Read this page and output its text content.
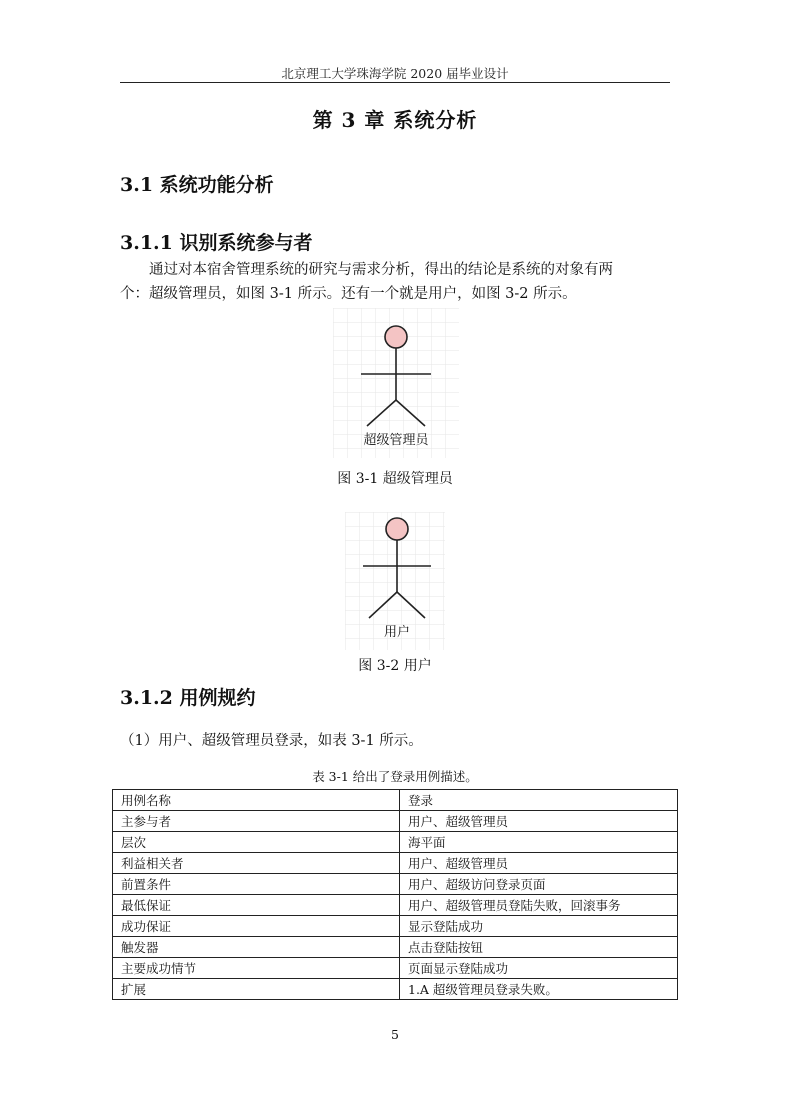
北京理工大学珠海学院 2020 届毕业设计
第 3 章 系统分析
3.1 系统功能分析
3.1.1 识别系统参与者
通过对本宿舍管理系统的研究与需求分析，得出的结论是系统的对象有两
个：超级管理员，如图 3-1 所示。还有一个就是用户，如图 3-2 所示。
超级管理员
图 3-1 超级管理员
用户
图 3-2 用户
3.1.2 用例规约
（1）用户、超级管理员登录，如表 3-1 所示。
表 3-1 给出了登录用例描述。
用例名称	登录
主参与者	用户、超级管理员
层次	海平面
利益相关者	用户、超级管理员
前置条件	用户、超级访问登录页面
最低保证	用户、超级管理员登陆失败，回滚事务
成功保证	显示登陆成功
触发器	点击登陆按钮
主要成功情节	页面显示登陆成功
扩展	1.A 超级管理员登录失败。
5
